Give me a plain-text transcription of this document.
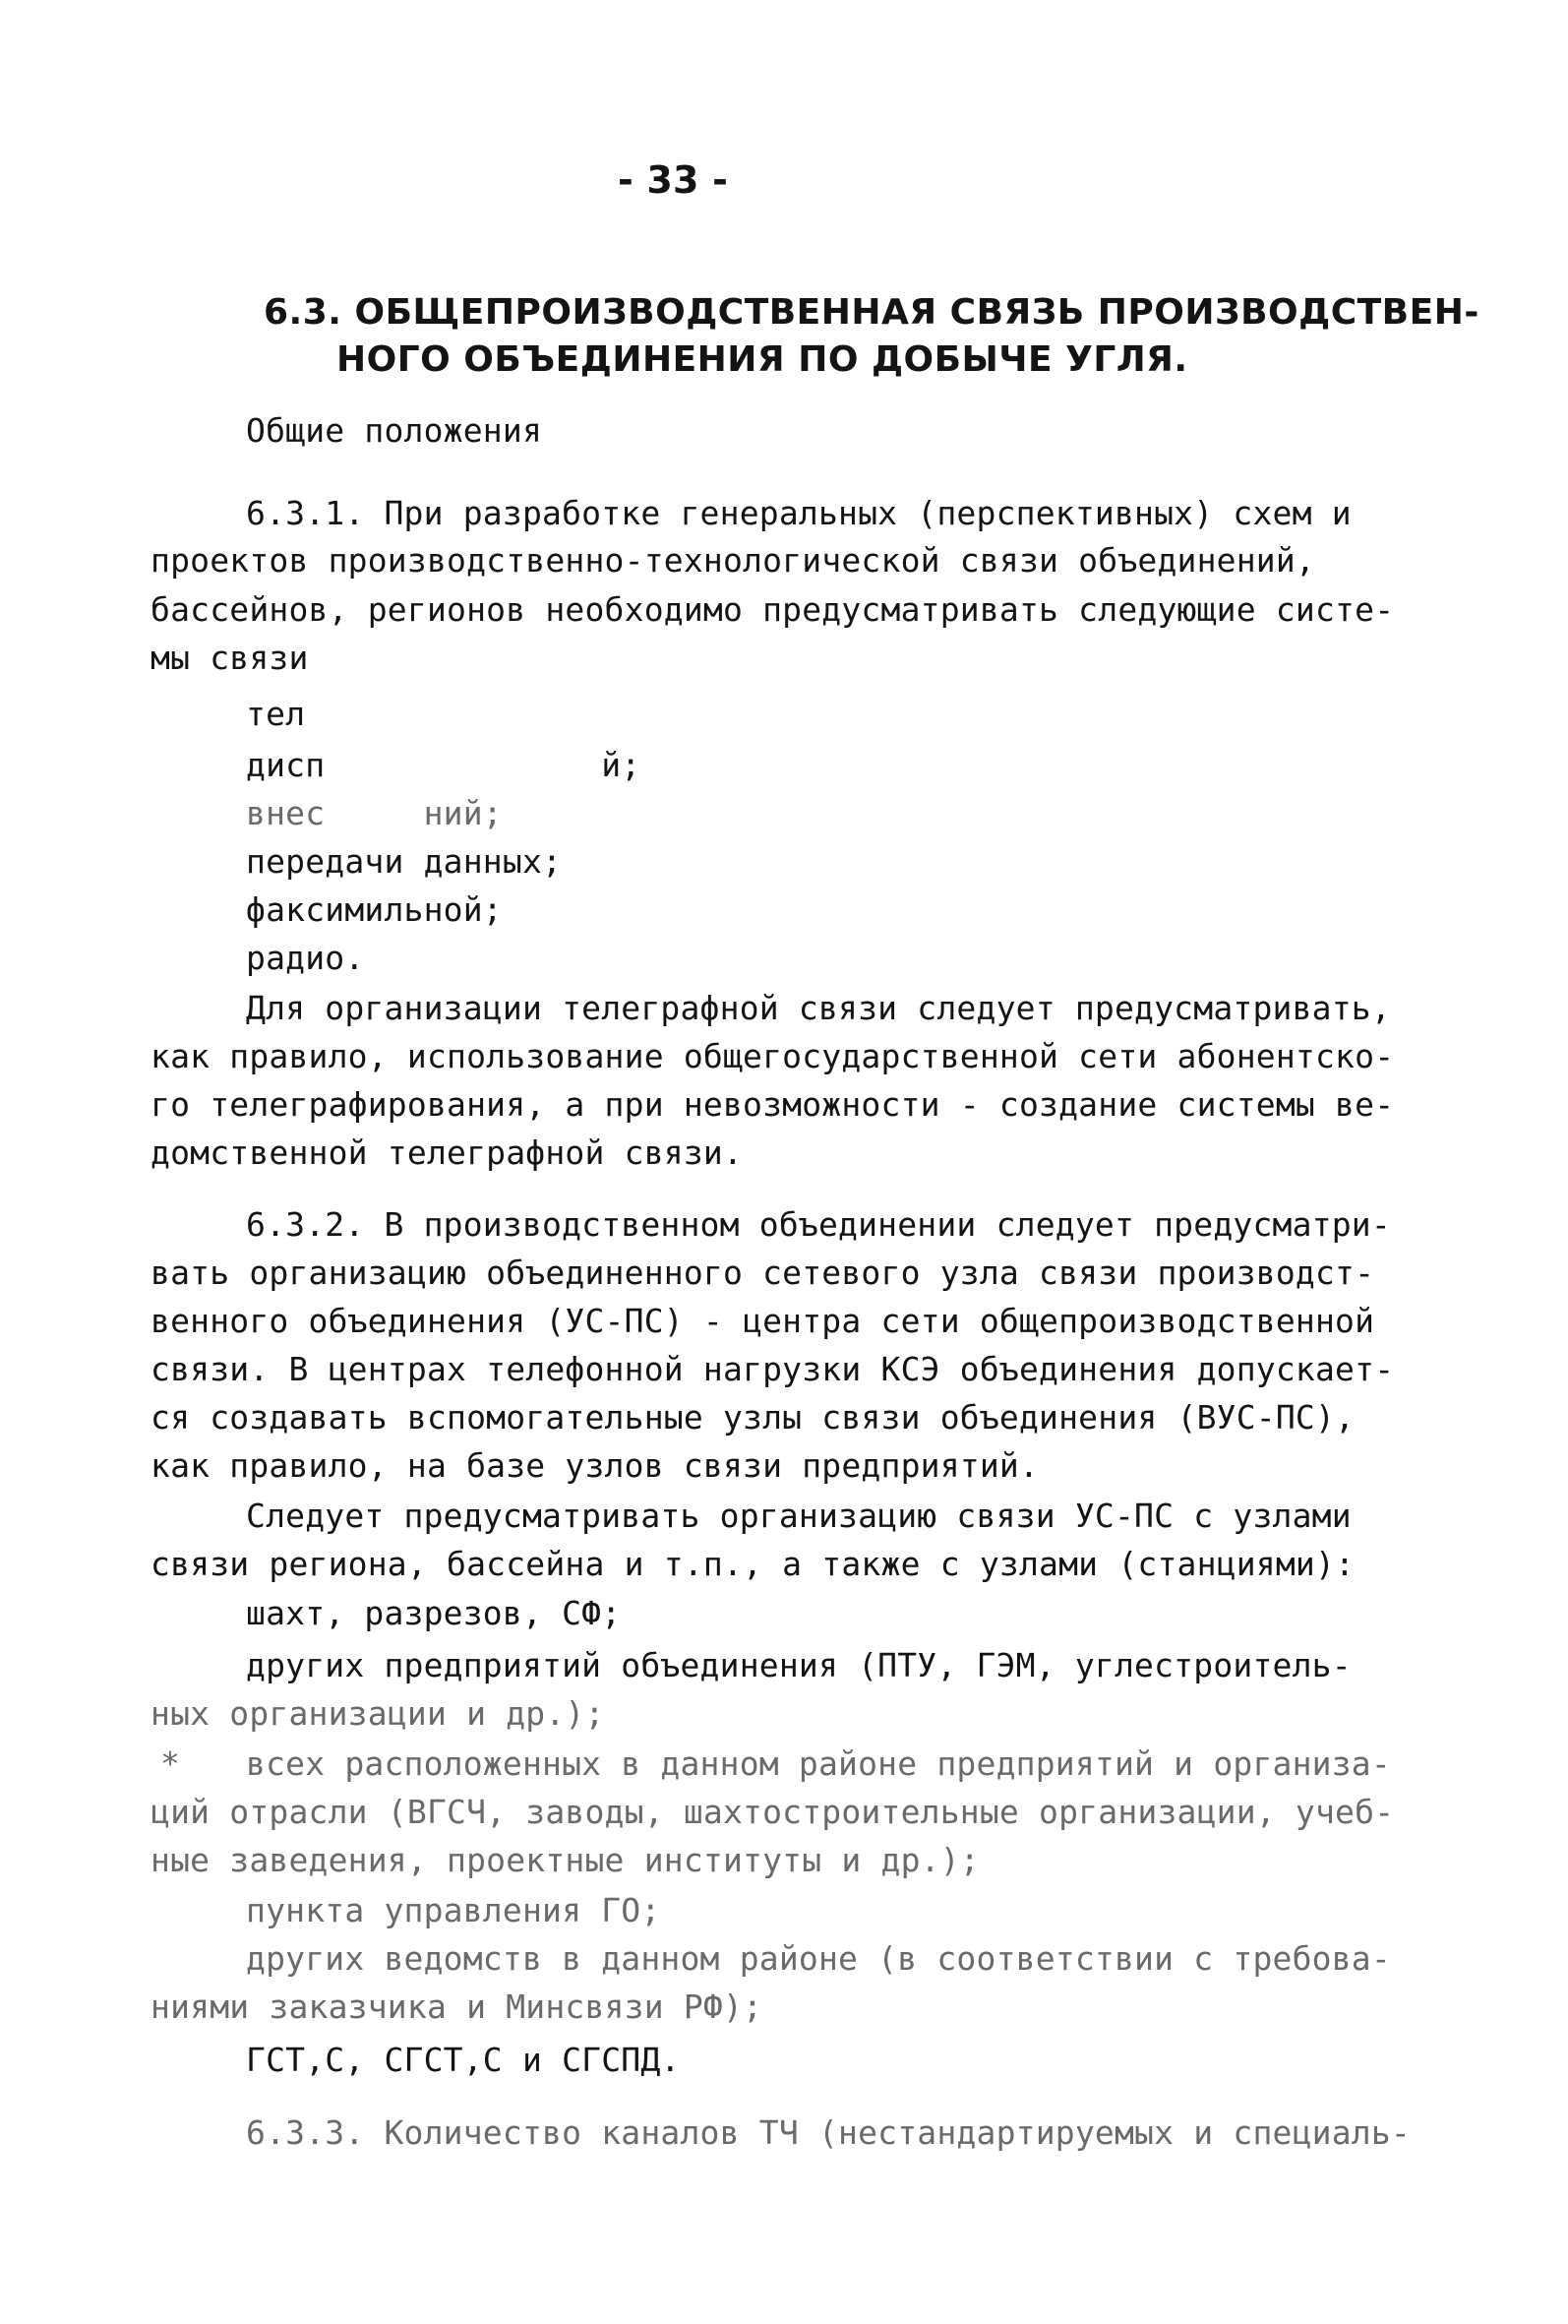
- 33 -
6.3. ОБЩЕПРОИЗВОДСТВЕННАЯ СВЯЗЬ ПРОИЗВОДСТВЕН-
НОГО ОБЪЕДИНЕНИЯ ПО ДОБЫЧЕ УГЛЯ.
Общие положения
6.3.1. При разработке генеральных (перспективных) схем и
проектов производственно-технологической связи объединений,
бассейнов, регионов необходимо предусматривать следующие систе-
мы связи
тел
дисп              й;
внес     ний;
передачи данных;
факсимильной;
радио.
Для организации телеграфной связи следует предусматривать,
как правило, использование общегосударственной сети абонентско-
го телеграфирования, а при невозможности - создание системы ве-
домственной телеграфной связи.
6.3.2. В производственном объединении следует предусматри-
вать организацию объединенного сетевого узла связи производст-
венного объединения (УС-ПС) - центра сети общепроизводственной
связи. В центрах телефонной нагрузки КСЭ объединения допускает-
ся создавать вспомогательные узлы связи объединения (ВУС-ПС),
как правило, на базе узлов связи предприятий.
Следует предусматривать организацию связи УС-ПС с узлами
связи региона, бассейна и т.п., а также с узлами (станциями):
шахт, разрезов, СФ;
других предприятий объединения (ПТУ, ГЭМ, углестроитель-
ных организации и др.);
* всех расположенных в данном районе предприятий и организа-
ций отрасли (ВГСЧ, заводы, шахтостроительные организации, учеб-
ные заведения, проектные институты и др.);
пункта управления ГО;
других ведомств в данном районе (в соответствии с требова-
ниями заказчика и Минсвязи РФ);
ГСТ,С, СГСТ,С и СГСПД.
6.3.3. Количество каналов ТЧ (нестандартируемых и специаль-
